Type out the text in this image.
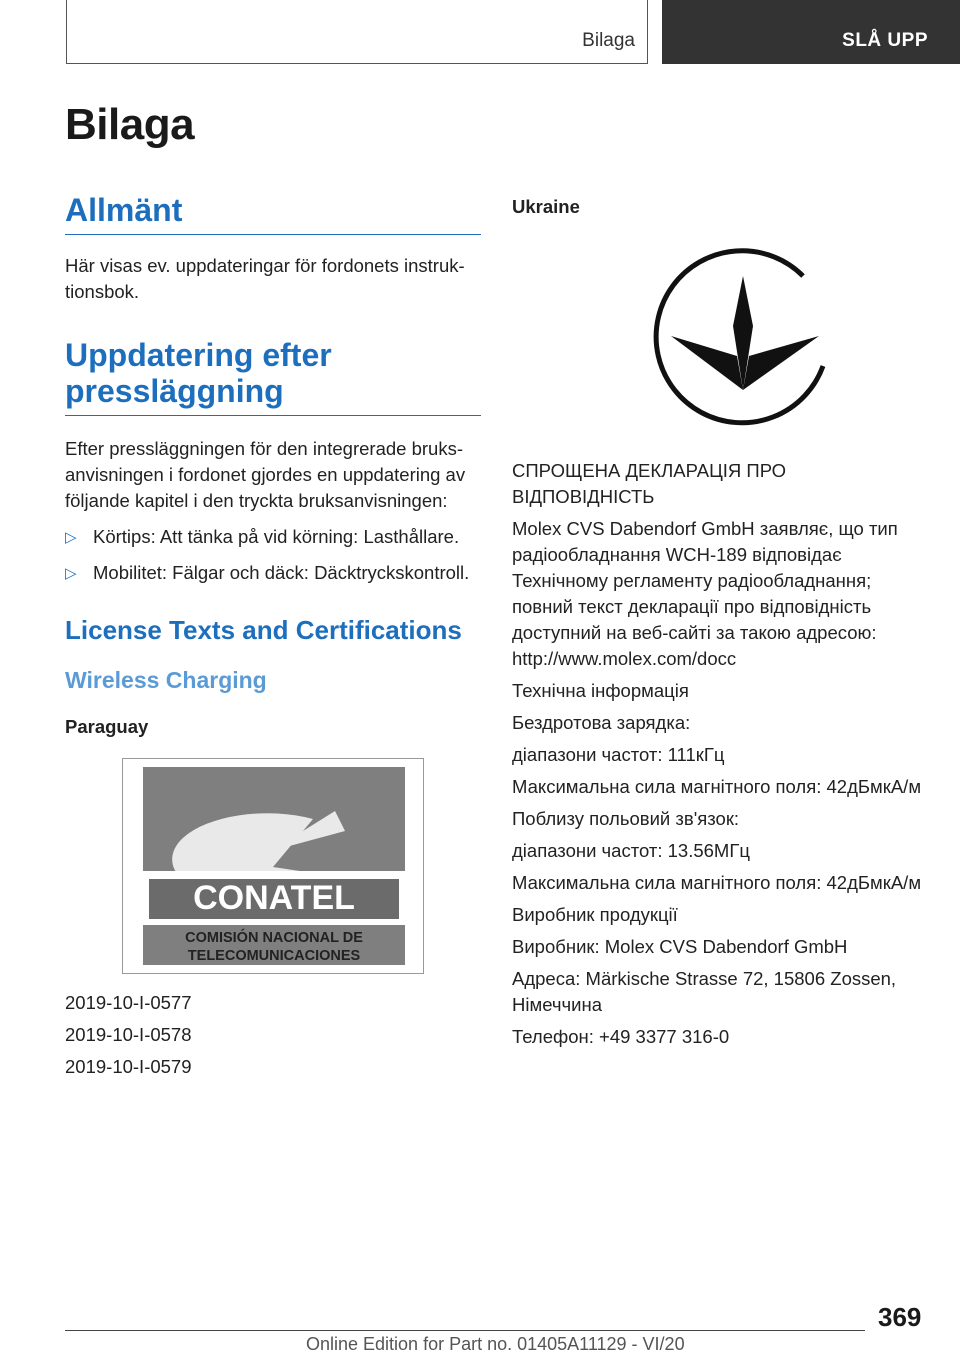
Bilaga	SLÅ UPP
Bilaga
Allmänt

Här visas ev. uppdateringar för fordonets instruktionsbok.

Uppdatering efter pressläggning

Efter pressläggningen för den integrerade bruksanvisningen i fordonet gjordes en uppdatering av följande kapitel i den tryckta bruksanvisningen:

▷ Körtips: Att tänka på vid körning: Lasthållare.
▷ Mobilitet: Fälgar och däck: Däcktryckskontroll.
License Texts and Certifications
Wireless Charging
Paraguay
CONATEL
COMISIÓN NACIONAL DE
TELECOMUNICACIONES

2019-10-I-0577

2019-10-I-0578

2019-10-I-0579

Ukraine

СПРОЩЕНА ДЕКЛАРАЦІЯ ПРО ВІДПОВІДНІСТЬ

Molex CVS Dabendorf GmbH заявляє, що тип радіообладнання WCH-189 відповідає Технічному регламенту радіообладнання; повний текст декларації про відповідність доступний на веб-сайті за такою адресою: http://www.molex.com/docc

Технічна інформація

Бездротова зарядка:

діапазони частот: 111кГц

Максимальна сила магнітного поля: 42дБмкА/м

Поблизу польовий зв'язок:

діапазони частот: 13.56МГц

Максимальна сила магнітного поля: 42дБмкА/м

Виробник продукції

Виробник: Molex CVS Dabendorf GmbH

Адреса: Märkische Strasse 72, 15806 Zossen, Німеччина

Телефон: +49 3377 316-0

369
Online Edition for Part no. 01405A11129 - VI/20
